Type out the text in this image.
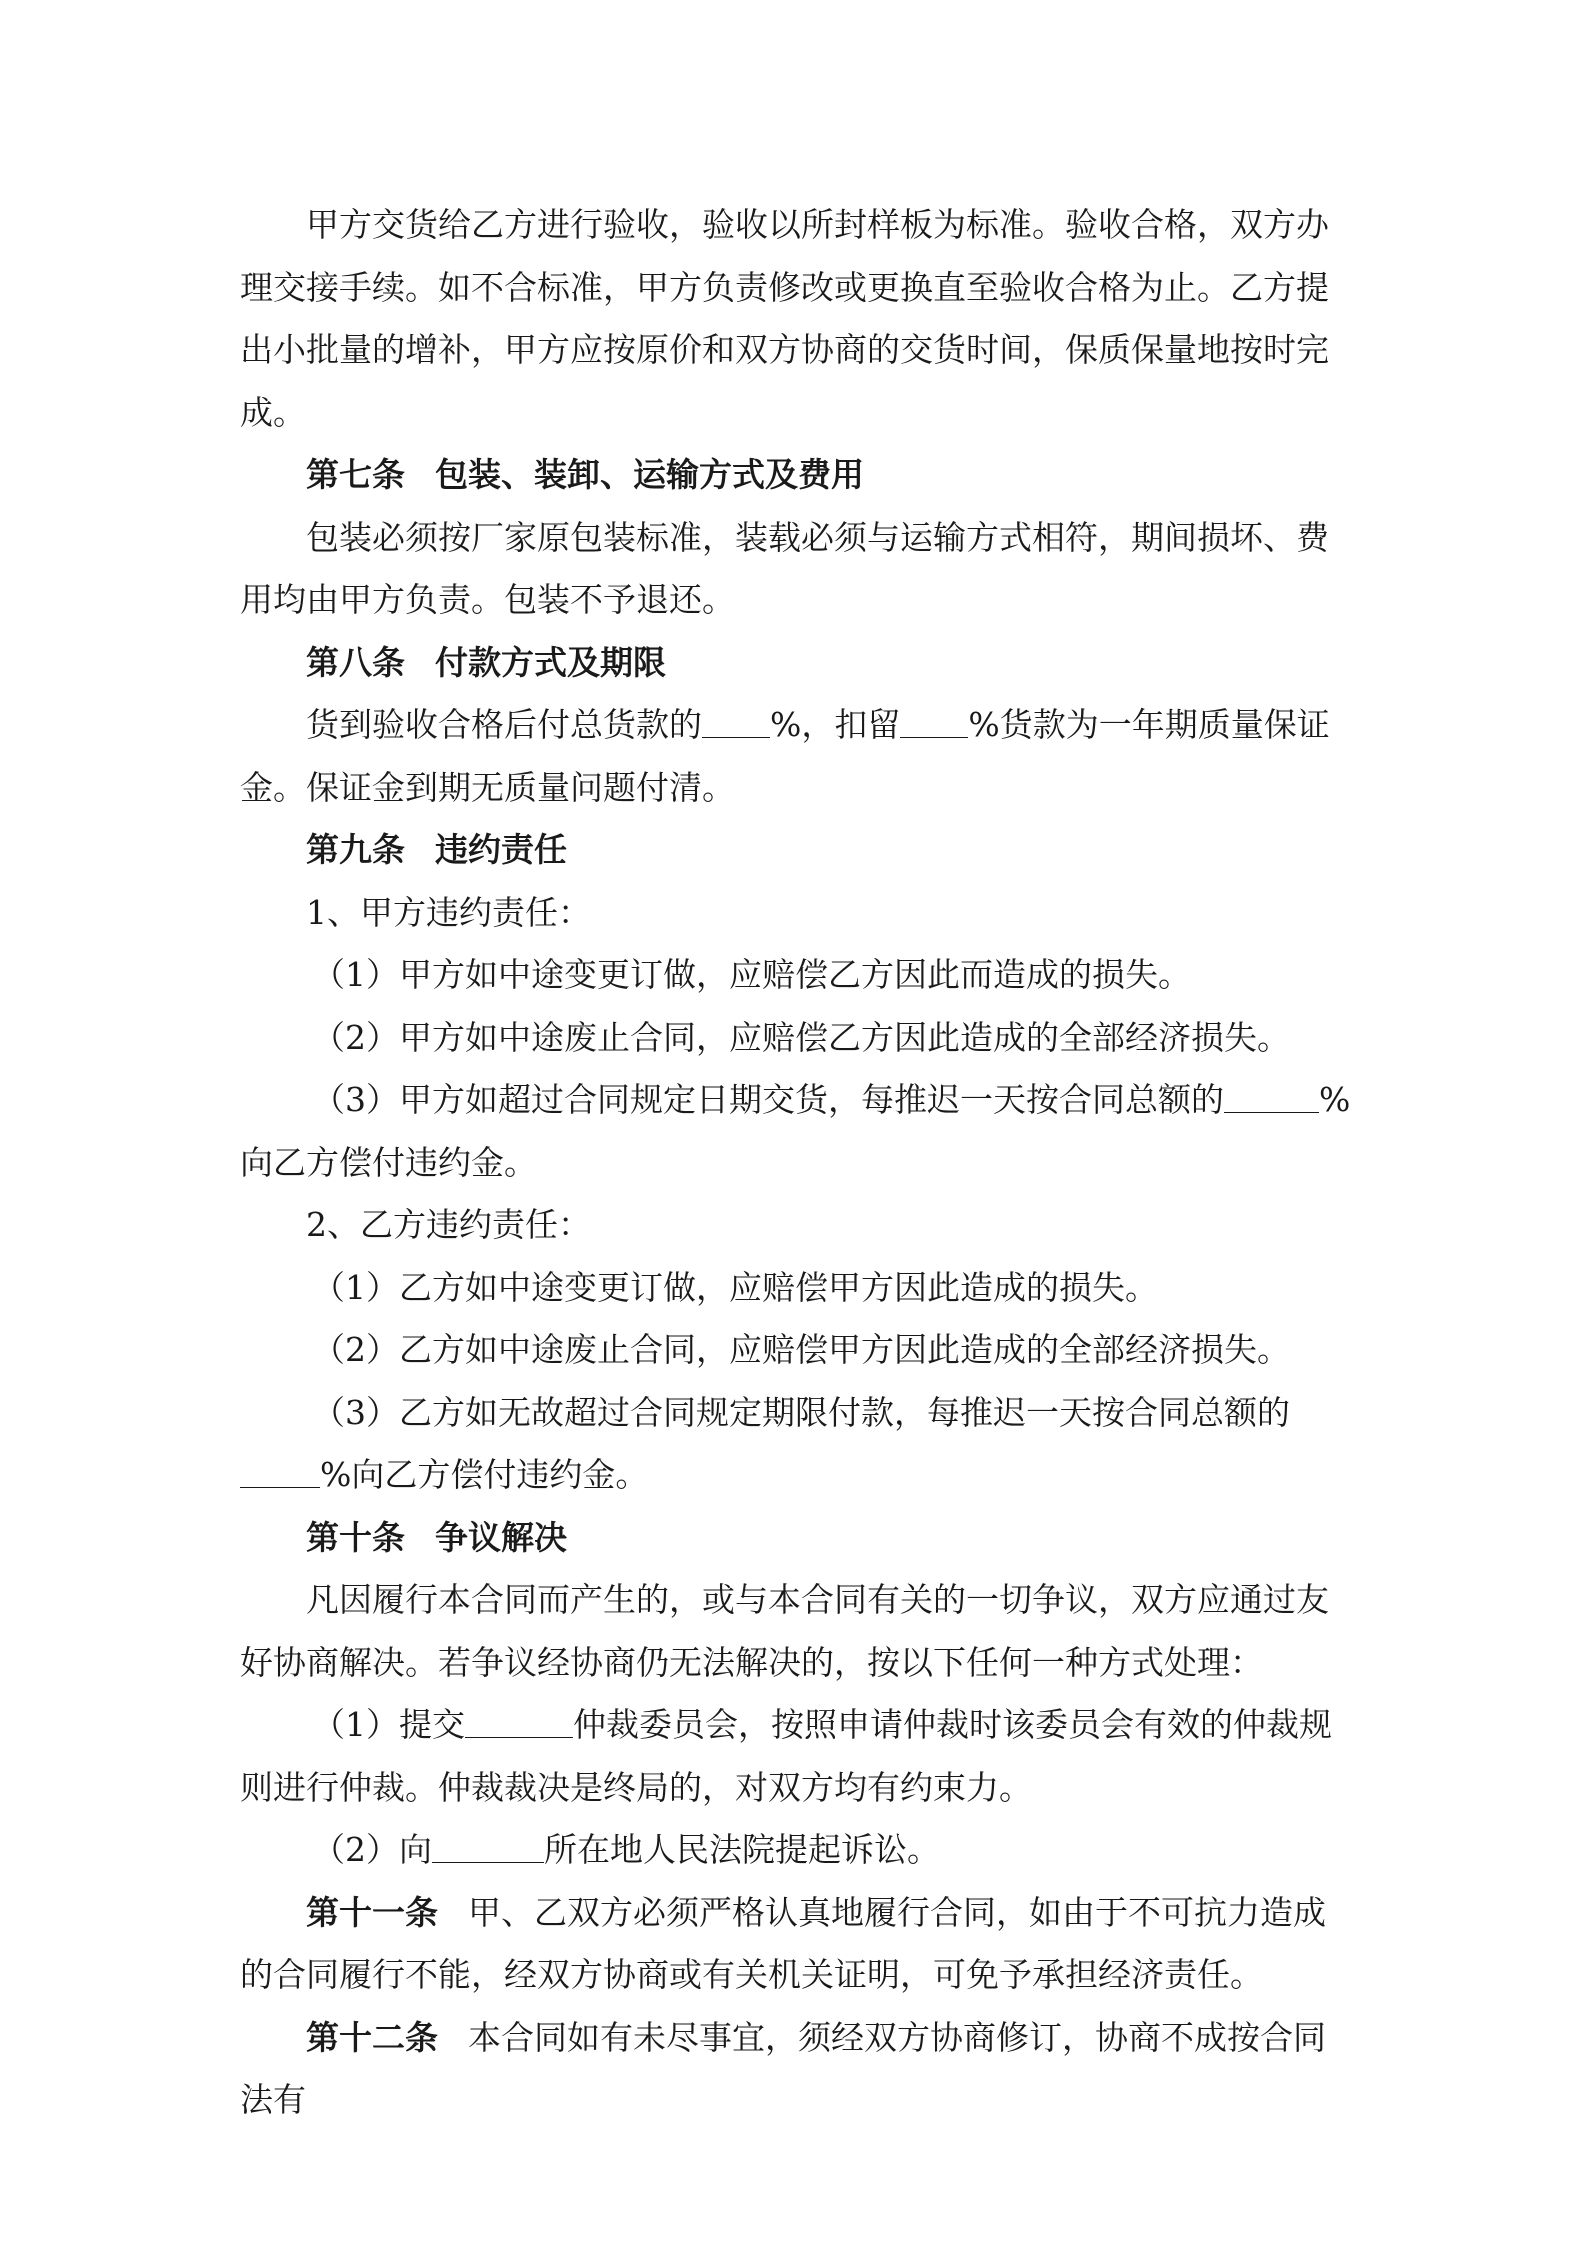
甲方交货给乙方进行验收，验收以所封样板为标准。验收合格，双方办理交接手续。如不合标准，甲方负责修改或更换直至验收合格为止。乙方提出小批量的增补，甲方应按原价和双方协商的交货时间，保质保量地按时完成。

第七条 包装、装卸、运输方式及费用

包装必须按厂家原包装标准，装载必须与运输方式相符，期间损坏、费用均由甲方负责。包装不予退还。

第八条 付款方式及期限

货到验收合格后付总货款的 %，扣留 %货款为一年期质量保证金。保证金到期无质量问题付清。

第九条 违约责任

1、甲方违约责任：

（1）甲方如中途变更订做，应赔偿乙方因此而造成的损失。

（2）甲方如中途废止合同，应赔偿乙方因此造成的全部经济损失。

（3）甲方如超过合同规定日期交货，每推迟一天按合同总额的	%向乙方偿付违约金。

2、乙方违约责任：

（1）乙方如中途变更订做，应赔偿甲方因此造成的损失。

（2）乙方如中途废止合同，应赔偿甲方因此造成的全部经济损失。

（3）乙方如无故超过合同规定期限付款，每推迟一天按合同总额的%向乙方偿付违约金。

第十条 争议解决

凡因履行本合同而产生的，或与本合同有关的一切争议，双方应通过友好协商解决。若争议经协商仍无法解决的，按以下任何一种方式处理：

（1）提交	仲裁委员会，按照申请仲裁时该委员会有效的仲裁规则进行仲裁。仲裁裁决是终局的，对双方均有约束力。

（2）向	所在地人民法院提起诉讼。

第十一条 甲、乙双方必须严格认真地履行合同，如由于不可抗力造成的合同履行不能，经双方协商或有关机关证明，可免予承担经济责任。

第十二条 本合同如有未尽事宜，须经双方协商修订，协商不成按合同法有
